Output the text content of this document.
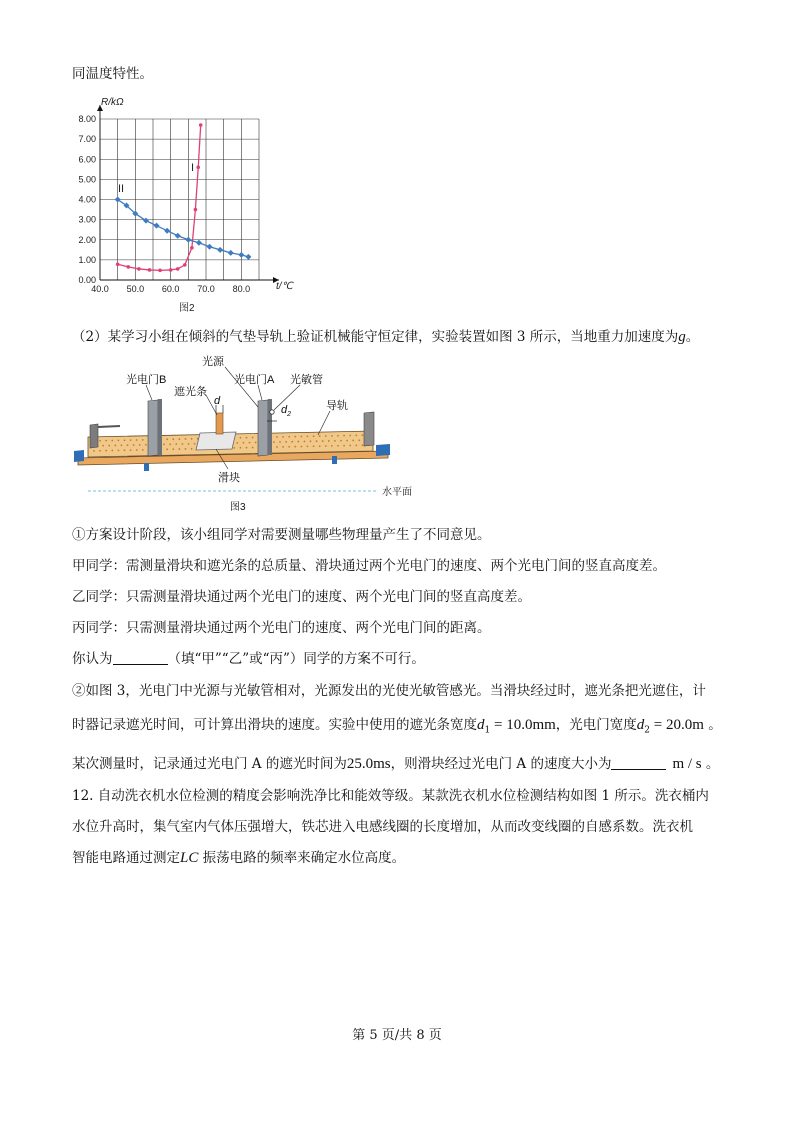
同温度特性。
0.00
1.00
2.00
3.00
4.00
5.00
6.00
7.00
8.00
40.0 50.0 60.0 70.0 80.0
R/kΩ
t/℃
图2
I
II
（2）某学习小组在倾斜的气垫导轨上验证机械能守恒定律，实验装置如图 3 所示，当地重力加速度为g。
水平面
光源
光电门B	光电门A 光敏管
遮光条
d
$d_2$
导轨
滑块
图3
①方案设计阶段，该小组同学对需要测量哪些物理量产生了不同意见。
甲同学：需测量滑块和遮光条的总质量、滑块通过两个光电门的速度、两个光电门间的竖直高度差。
乙同学：只需测量滑块通过两个光电门的速度、两个光电门间的竖直高度差。
丙同学：只需测量滑块通过两个光电门的速度、两个光电门间的距离。
你认为	（填“甲”“乙”或“丙”）同学的方案不可行。
②如图 3，光电门中光源与光敏管相对，光源发出的光使光敏管感光。当滑块经过时，遮光条把光遮住，计
时器记录遮光时间，可计算出滑块的速度。实验中使用的遮光条宽度$d_1 = 10.0mm$，光电门宽度$d_2 = 20.0m$ 。
某次测量时，记录通过光电门 A 的遮光时间为25.0ms，则滑块经过光电门 A 的速度大小为	m / s 。
12. 自动洗衣机水位检测的精度会影响洗净比和能效等级。某款洗衣机水位检测结构如图 1 所示。洗衣桶内
水位升高时，集气室内气体压强增大，铁芯进入电感线圈的长度增加，从而改变线圈的自感系数。洗衣机
智能电路通过测定LC 振荡电路的频率来确定水位高度。
第 5 页/共 8 页
